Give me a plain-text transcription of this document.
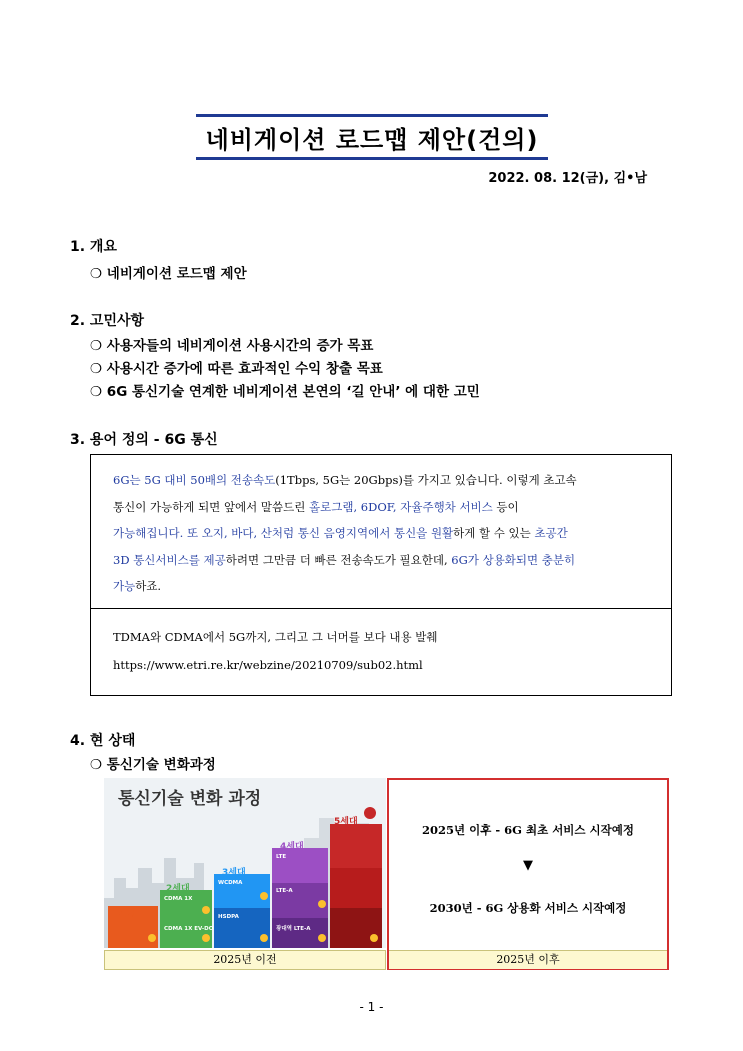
네비게이션 로드맵 제안(건의)
2022. 08. 12(금), 김•남
1. 개요
❍ 네비게이션 로드맵 제안
2. 고민사항
❍ 사용자들의 네비게이션 사용시간의 증가 목표
❍ 사용시간 증가에 따른 효과적인 수익 창출 목표
❍ 6G 통신기술 연계한 네비게이션 본연의 ‘길 안내’ 에 대한 고민
3. 용어 정의 - 6G 통신
6G는 5G 대비 50배의 전송속도(1Tbps, 5G는 20Gbps)를 가지고 있습니다. 이렇게 초고속
통신이 가능하게 되면 앞에서 말씀드린 홀로그램, 6DOF, 자율주행차 서비스 등이
가능해집니다. 또 오지, 바다, 산처럼 통신 음영지역에서 통신을 원활하게 할 수 있는 초공간
3D 통신서비스를 제공하려면 그만큼 더 빠른 전송속도가 필요한데, 6G가 상용화되면 충분히
가능하죠.
TDMA와 CDMA에서 5G까지, 그리고 그 너머를 보다 내용 발췌
https://www.etri.re.kr/webzine/20210709/sub02.html
4. 현 상태
❍ 통신기술 변화과정
통신기술 변화 과정
1세대
2세대
3세대
4세대
5세대
CDMA 1X
CDMA 1X EV-DO
WCDMA
HSDPA
LTE
LTE-A
광대역 LTE-A
2025년 이후 - 6G 최초 서비스 시작예정
▼
2030년 - 6G 상용화 서비스 시작예정
2025년 이전	2025년 이후
- 1 -
